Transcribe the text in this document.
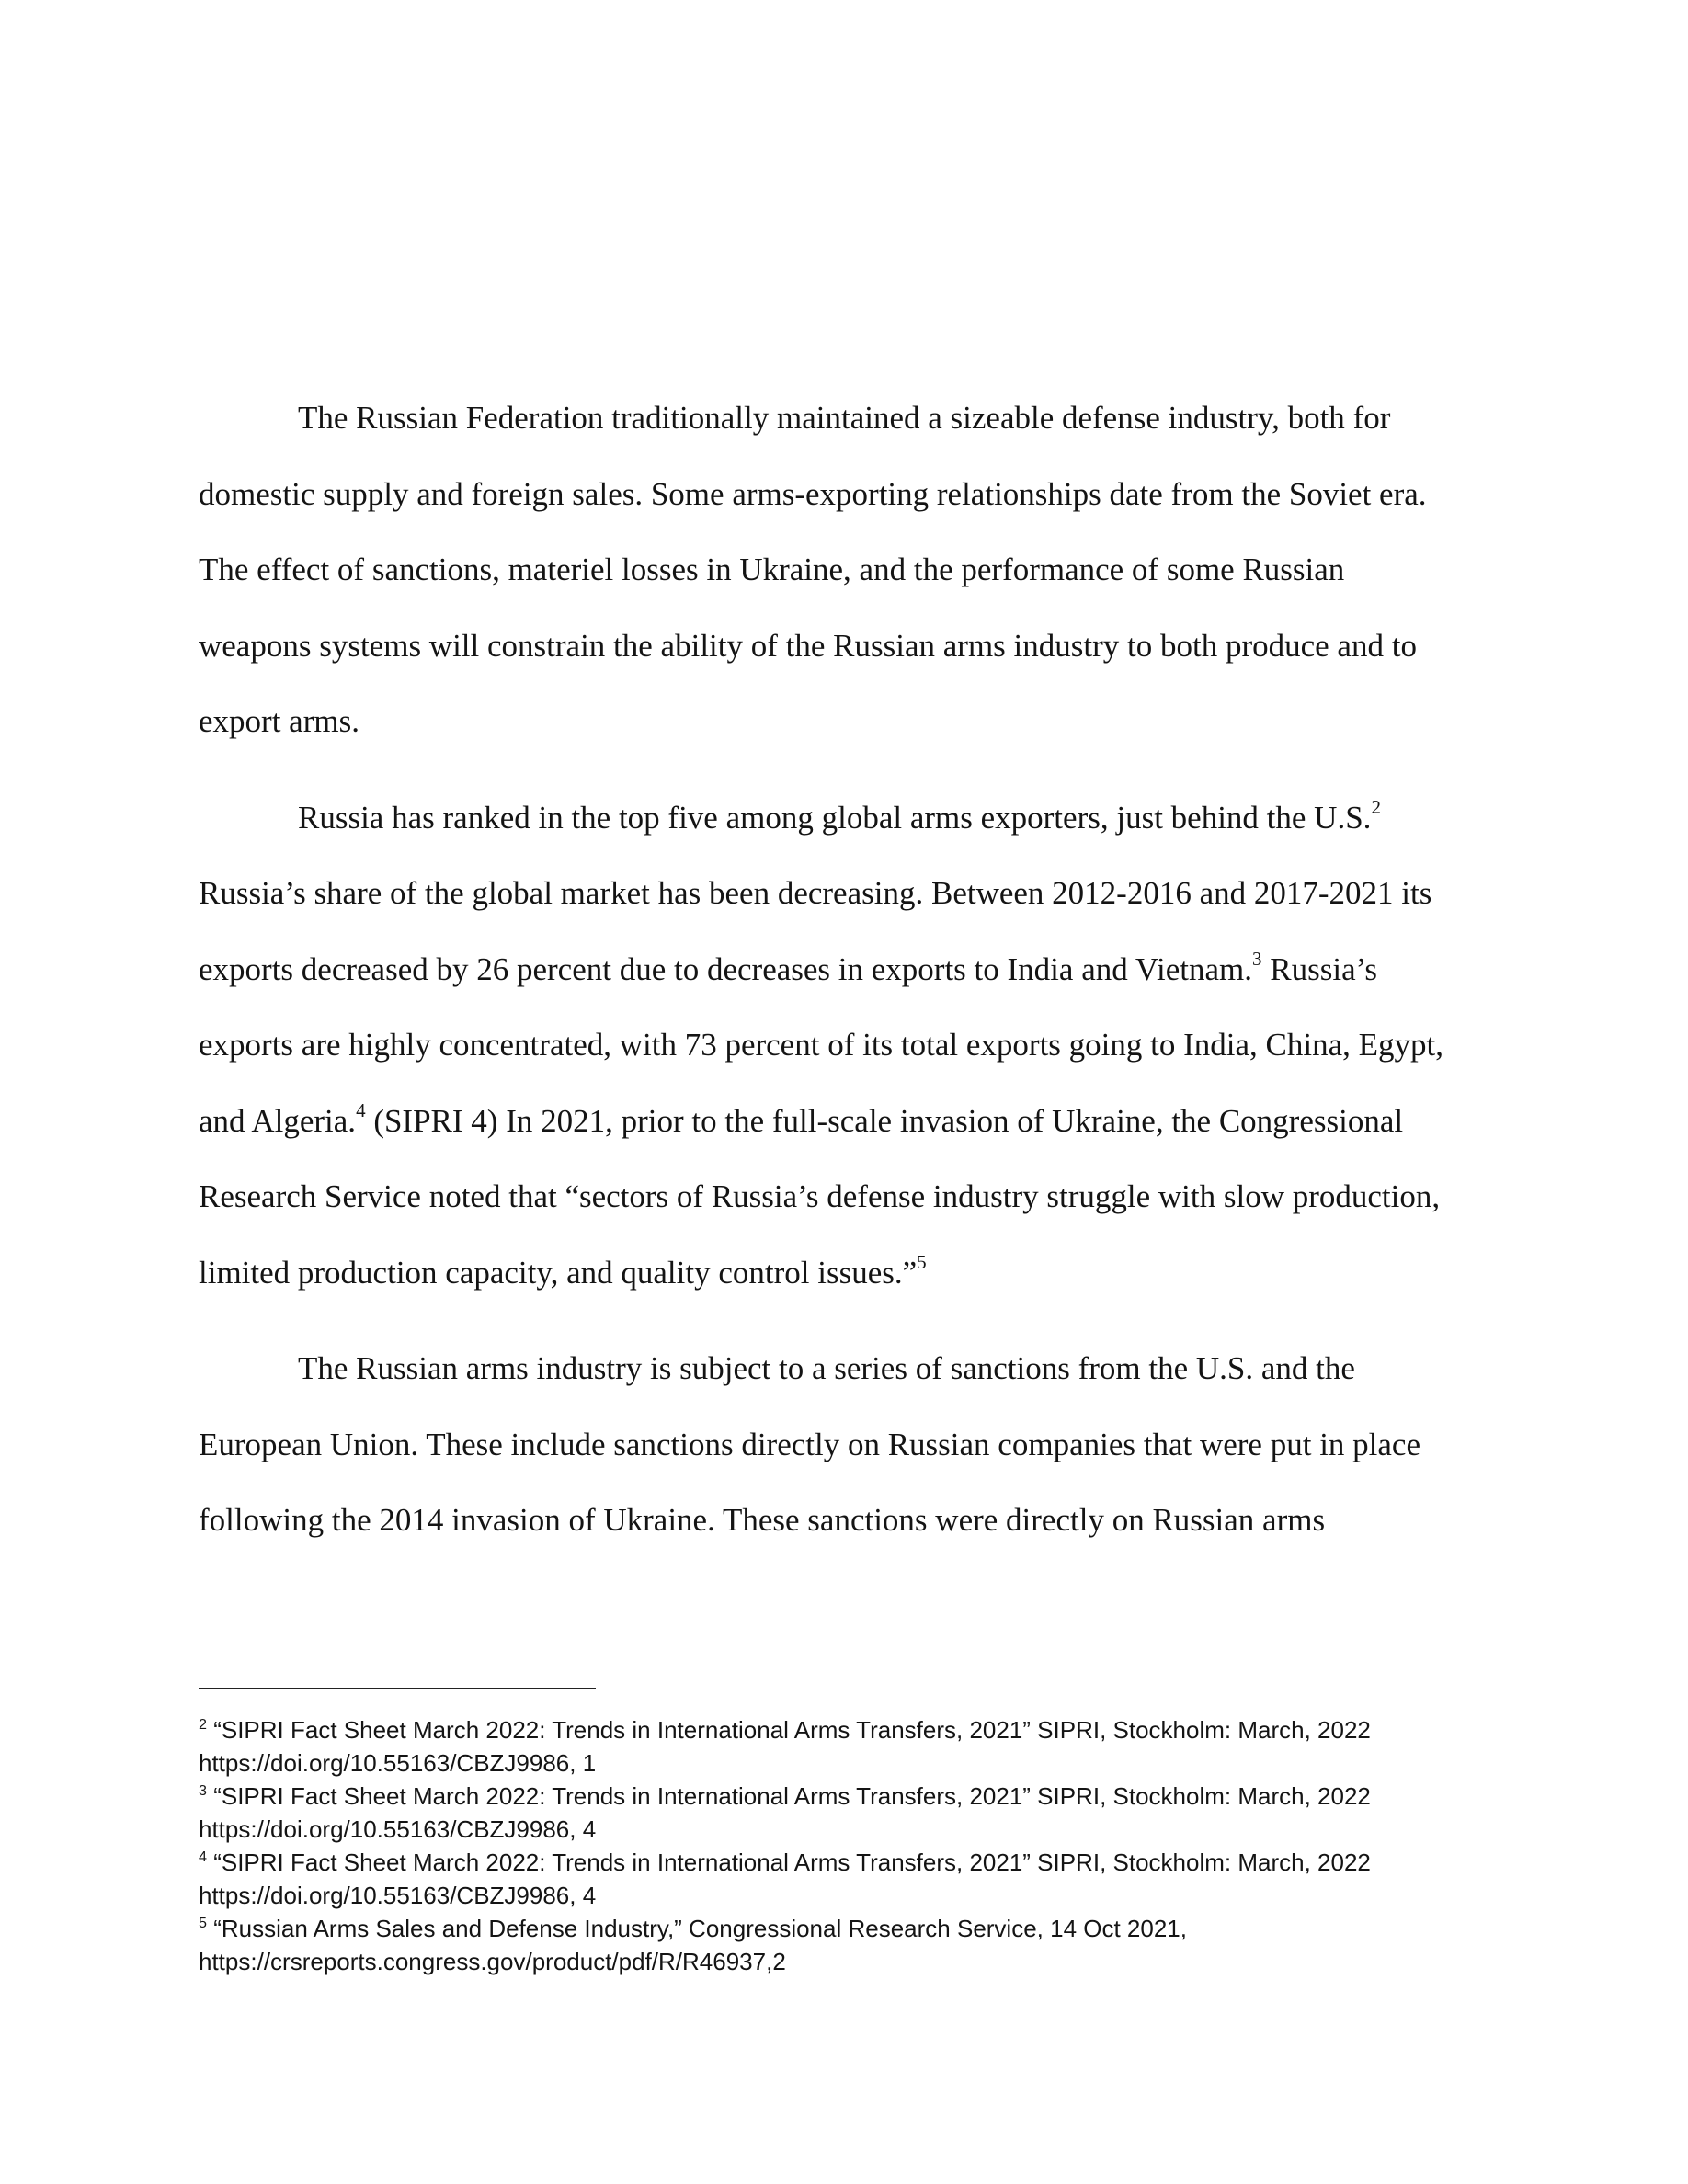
The Russian Federation traditionally maintained a sizeable defense industry, both for
domestic supply and foreign sales. Some arms-exporting relationships date from the Soviet era.
The effect of sanctions, materiel losses in Ukraine, and the performance of some Russian
weapons systems will constrain the ability of the Russian arms industry to both produce and to
export arms.

Russia has ranked in the top five among global arms exporters, just behind the U.S.$^2$
Russia’s share of the global market has been decreasing. Between 2012-2016 and 2017-2021 its
exports decreased by 26 percent due to decreases in exports to India and Vietnam.$^3$ Russia’s
exports are highly concentrated, with 73 percent of its total exports going to India, China, Egypt,
and Algeria.$^4$ (SIPRI 4) In 2021, prior to the full-scale invasion of Ukraine, the Congressional
Research Service noted that “sectors of Russia’s defense industry struggle with slow production,
limited production capacity, and quality control issues.”$^5$

The Russian arms industry is subject to a series of sanctions from the U.S. and the
European Union. These include sanctions directly on Russian companies that were put in place
following the 2014 invasion of Ukraine. These sanctions were directly on Russian arms

$^2$ “SIPRI Fact Sheet March 2022: Trends in International Arms Transfers, 2021” SIPRI, Stockholm: March, 2022
https://doi.org/10.55163/CBZJ9986, 1
$^3$ “SIPRI Fact Sheet March 2022: Trends in International Arms Transfers, 2021” SIPRI, Stockholm: March, 2022
https://doi.org/10.55163/CBZJ9986, 4
$^4$ “SIPRI Fact Sheet March 2022: Trends in International Arms Transfers, 2021” SIPRI, Stockholm: March, 2022
https://doi.org/10.55163/CBZJ9986, 4
$^5$ “Russian Arms Sales and Defense Industry,” Congressional Research Service, 14 Oct 2021,
https://crsreports.congress.gov/product/pdf/R/R46937,2
